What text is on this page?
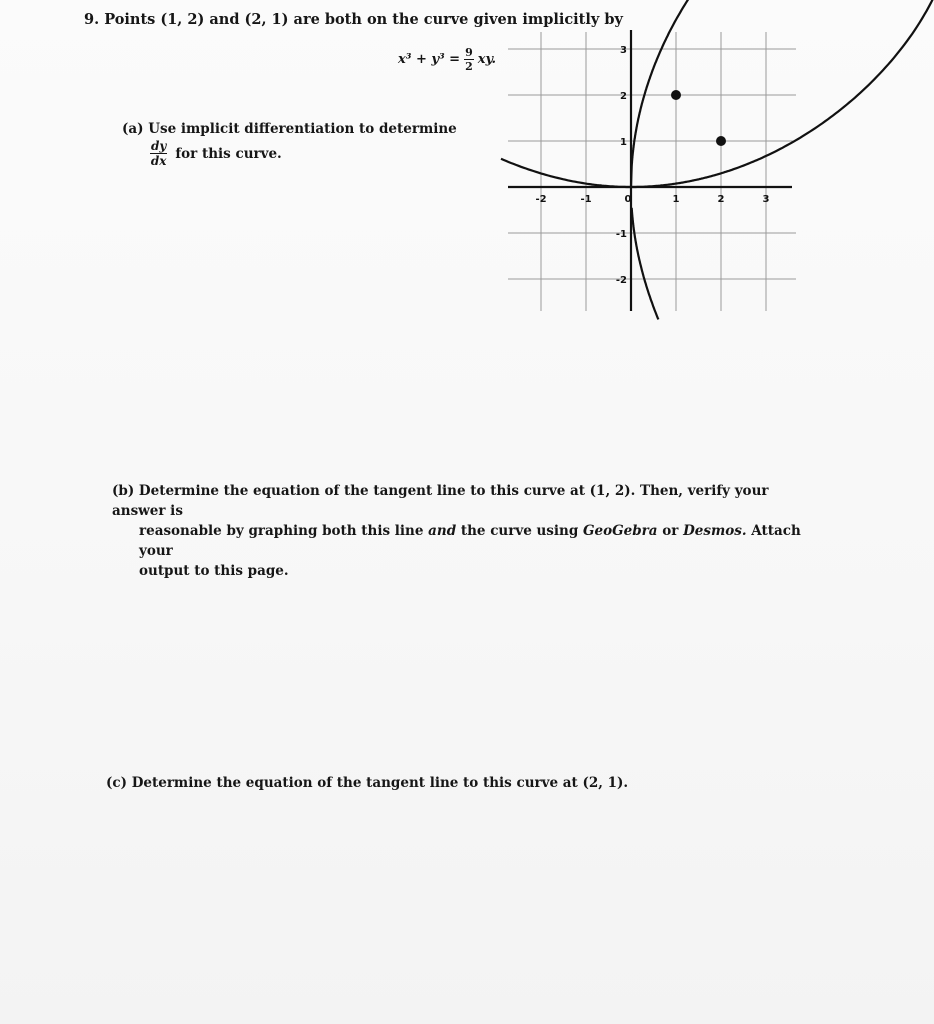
9. Points (1, 2) and (2, 1) are both on the curve given implicitly by
$x^3 + y^3 = \frac{9}{2}$ xy.
(a) Use implicit differentiation to determine
$\frac{dy}{dx}$ for this curve.
-2	-1	0	1	2	3
3
2
1
-1
-2
(b) Determine the equation of the tangent line to this curve at (1, 2). Then, verify your answer is
reasonable by graphing both this line and the curve using GeoGebra or Desmos. Attach your
output to this page.
(c) Determine the equation of the tangent line to this curve at (2, 1).
